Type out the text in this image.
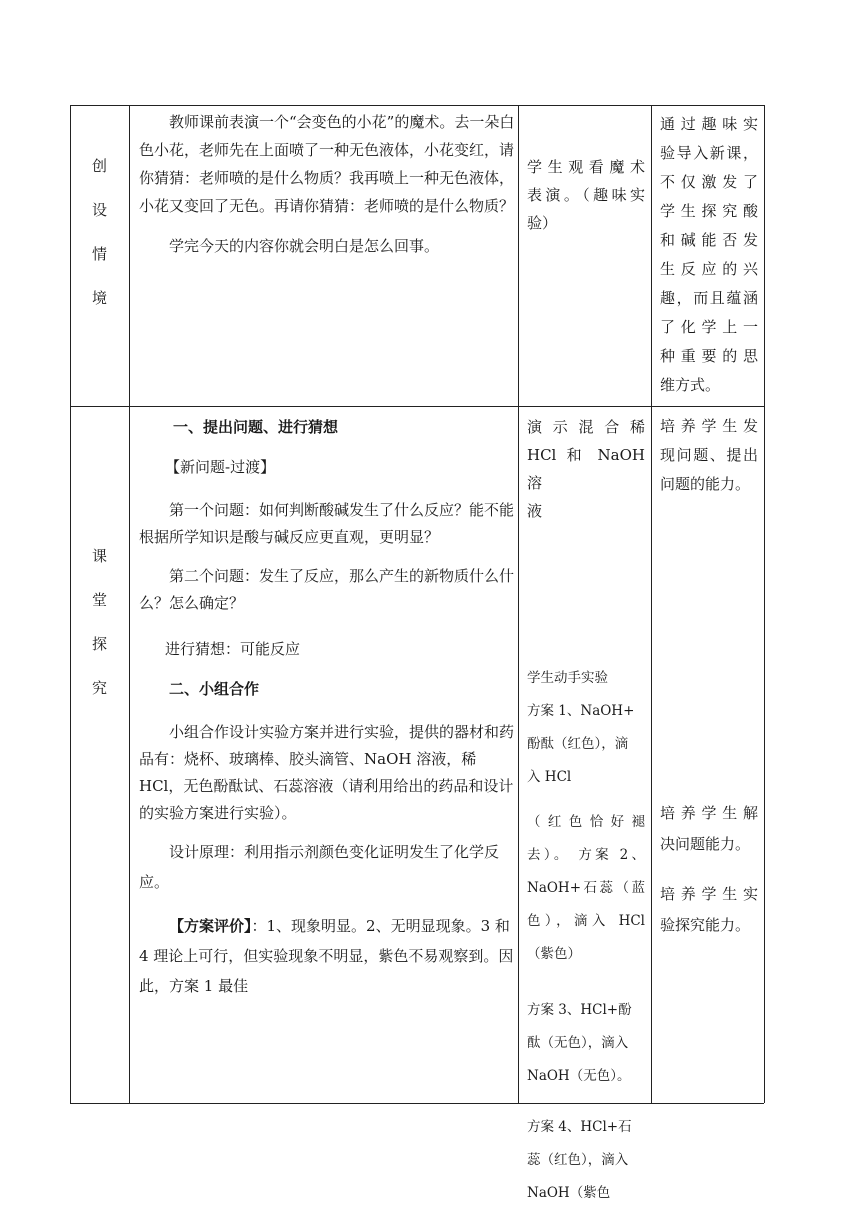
创
设
情
境

教师课前表演一个“会变色的小花”的魔术。去一朵白色小花，老师先在上面喷了一种无色液体，小花变红，请你猜猜：老师喷的是什么物质？我再喷上一种无色液体，小花又变回了无色。再请你猜猜：老师喷的是什么物质？

学完今天的内容你就会明白是怎么回事。

学生观看魔术
表演。（趣味实
验）
通过趣味实
验导入新课，
不仅激发了
学生探究酸
和碱能否发
生反应的兴
趣，而且蕴涵
了化学上一
种重要的思
维方式。
课
堂
探
究
一、提出问题、进行猜想
【新问题-过渡】

第一个问题：如何判断酸碱发生了什么反应？能不能根据所学知识是酸与碱反应更直观，更明显？

第二个问题：发生了反应，那么产生的新物质什么什么？怎么确定？

进行猜想：可能反应
二、小组合作

小组合作设计实验方案并进行实验，提供的器材和药品有：烧杯、玻璃棒、胶头滴管、NaOH 溶液，稀 HCl，无色酚酞试、石蕊溶液（请利用给出的药品和设计的实验方案进行实验）。

设计原理：利用指示剂颜色变化证明发生了化学反应。

【方案评价】：1、现象明显。2、无明显现象。3 和 4 理论上可行，但实验现象不明显，紫色不易观察到。因此，方案 1 最佳

演示混合稀
HCl 和 NaOH 溶
液
学生动手实验
方案 1、NaOH+
酚酞（红色），滴
入 HCl
（红色恰好褪
去）。 方案 2、
NaOH+石蕊（蓝
色），滴入 HCl
（紫色）
方案 3、HCl+酚
酞（无色），滴入
NaOH（无色）。
培养学生发
现问题、提出
问题的能力。
培养学生解
决问题能力。
培养学生实
验探究能力。
方案 4、HCl+石
蕊（红色），滴入
NaOH（紫色
